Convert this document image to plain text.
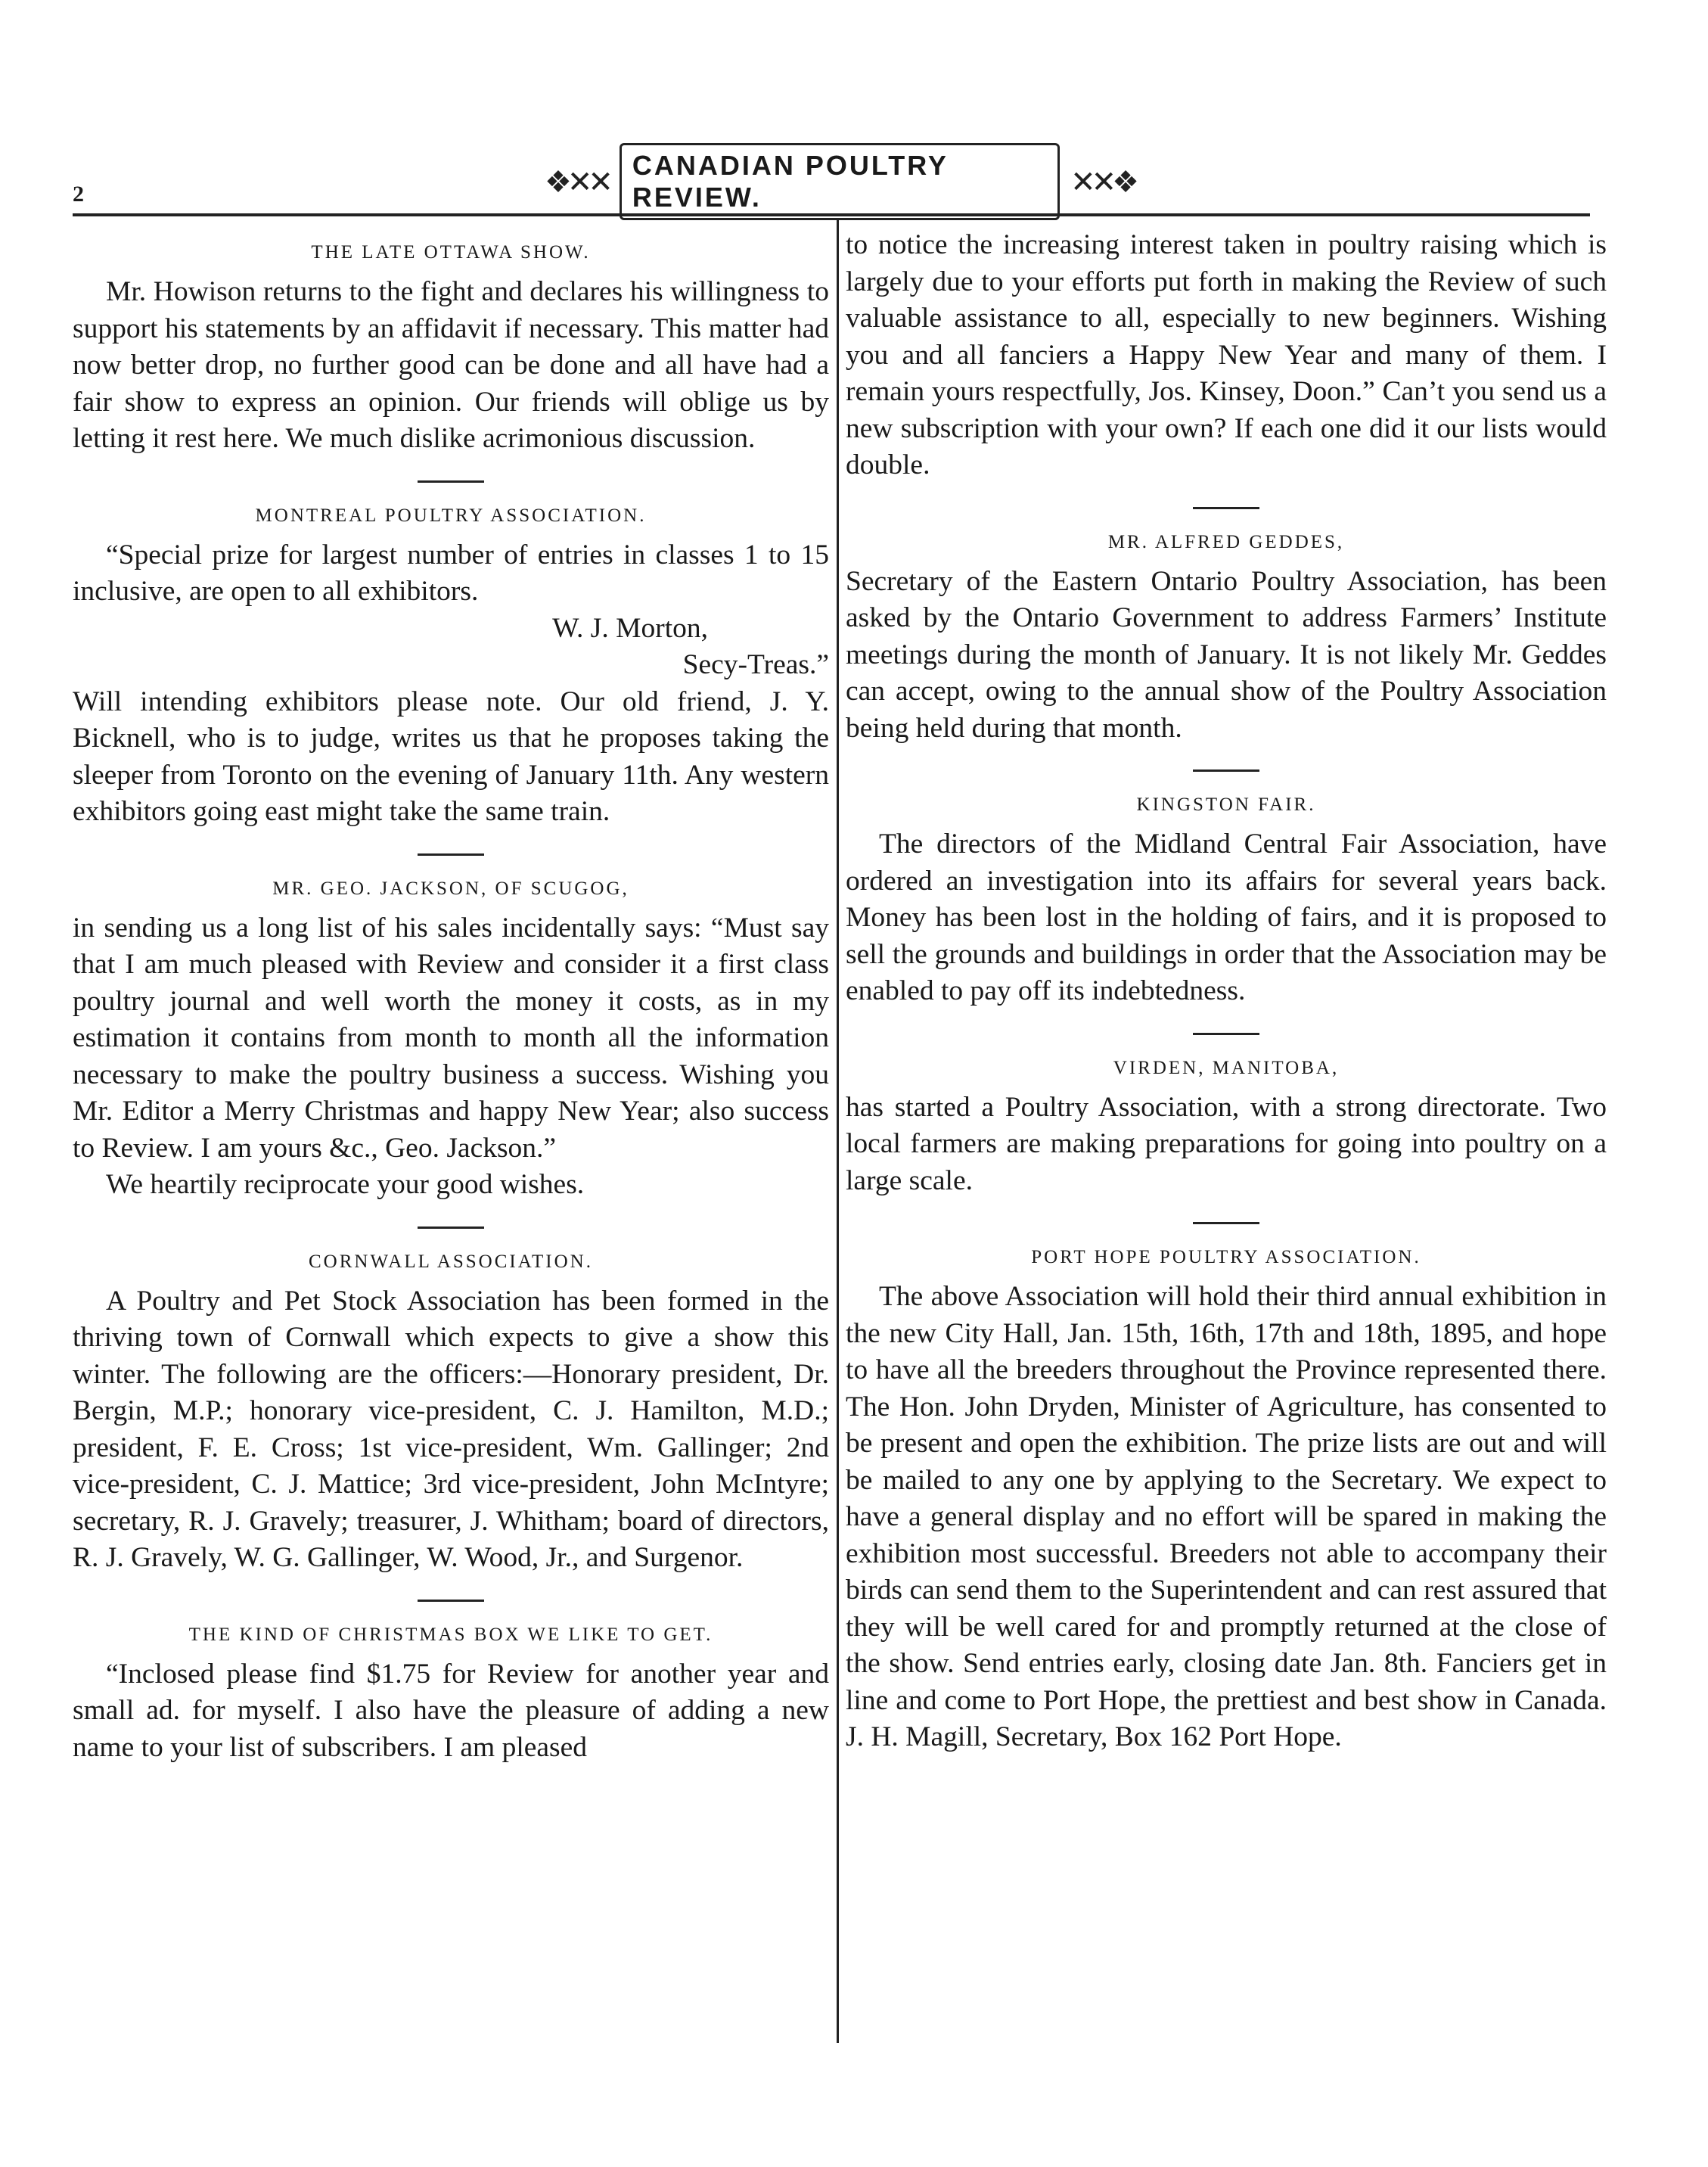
2	❖✕✕ CANADIAN POULTRY REVIEW.	✕✕❖
THE LATE OTTAWA SHOW.

Mr. Howison returns to the fight and declares his willingness to support his statements by an affidavit if necessary. This matter had now better drop, no further good can be done and all have had a fair show to express an opinion. Our friends will oblige us by letting it rest here. We much dislike acrimonious discussion.

MONTREAL POULTRY ASSOCIATION.

“Special prize for largest number of entries in classes 1 to 15 inclusive, are open to all exhibitors.

W. J. Morton,

Secy-Treas.”

Will intending exhibitors please note. Our old friend, J. Y. Bicknell, who is to judge, writes us that he proposes taking the sleeper from Toronto on the evening of January 11th. Any western exhibitors going east might take the same train.

MR. GEO. JACKSON, OF SCUGOG,

in sending us a long list of his sales incidentally says: “Must say that I am much pleased with Review and consider it a first class poultry journal and well worth the money it costs, as in my estimation it contains from month to month all the information necessary to make the poultry business a success. Wishing you Mr. Editor a Merry Christmas and happy New Year; also success to Review. I am yours &c., Geo. Jackson.”

We heartily reciprocate your good wishes.

CORNWALL ASSOCIATION.

A Poultry and Pet Stock Association has been formed in the thriving town of Cornwall which expects to give a show this winter. The following are the officers:—Honorary president, Dr. Bergin, M.P.; honorary vice-president, C. J. Hamilton, M.D.; president, F. E. Cross; 1st vice-president, Wm. Gallinger; 2nd vice-president, C. J. Mattice; 3rd vice-president, John McIntyre; secretary, R. J. Gravely; treasurer, J. Whitham; board of directors, R. J. Gravely, W. G. Gallinger, W. Wood, Jr., and Surgenor.

THE KIND OF CHRISTMAS BOX WE LIKE TO GET.

“Inclosed please find $1.75 for Review for another year and small ad. for myself. I also have the pleasure of adding a new name to your list of subscribers. I am pleased

to notice the increasing interest taken in poultry raising which is largely due to your efforts put forth in making the Review of such valuable assistance to all, especially to new beginners. Wishing you and all fanciers a Happy New Year and many of them. I remain yours respectfully, Jos. Kinsey, Doon.” Can’t you send us a new subscription with your own? If each one did it our lists would double.

MR. ALFRED GEDDES,

Secretary of the Eastern Ontario Poultry Association, has been asked by the Ontario Government to address Farmers’ Institute meetings during the month of January. It is not likely Mr. Geddes can accept, owing to the annual show of the Poultry Association being held during that month.

KINGSTON FAIR.

The directors of the Midland Central Fair Association, have ordered an investigation into its affairs for several years back. Money has been lost in the holding of fairs, and it is proposed to sell the grounds and buildings in order that the Association may be enabled to pay off its indebtedness.

VIRDEN, MANITOBA,

has started a Poultry Association, with a strong directorate. Two local farmers are making preparations for going into poultry on a large scale.

PORT HOPE POULTRY ASSOCIATION.

The above Association will hold their third annual exhibition in the new City Hall, Jan. 15th, 16th, 17th and 18th, 1895, and hope to have all the breeders throughout the Province represented there. The Hon. John Dryden, Minister of Agriculture, has consented to be present and open the exhibition. The prize lists are out and will be mailed to any one by applying to the Secretary. We expect to have a general display and no effort will be spared in making the exhibition most successful. Breeders not able to accompany their birds can send them to the Superintendent and can rest assured that they will be well cared for and promptly returned at the close of the show. Send entries early, closing date Jan. 8th. Fanciers get in line and come to Port Hope, the prettiest and best show in Canada. J. H. Magill, Secretary, Box 162 Port Hope.
